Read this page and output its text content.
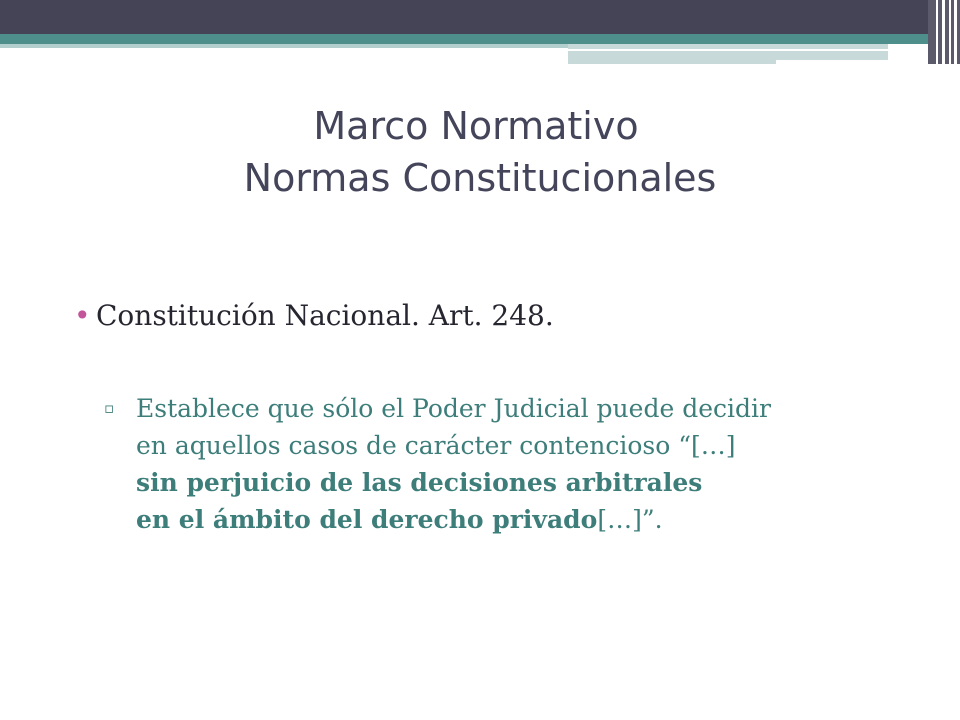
Marco Normativo
Normas Constitucionales
• Constitución Nacional. Art. 248.
▫ Establece que sólo el Poder Judicial puede decidir
en aquellos casos de carácter contencioso “[…]
sin perjuicio de las decisiones arbitrales
en el ámbito del derecho privado[…]”.
